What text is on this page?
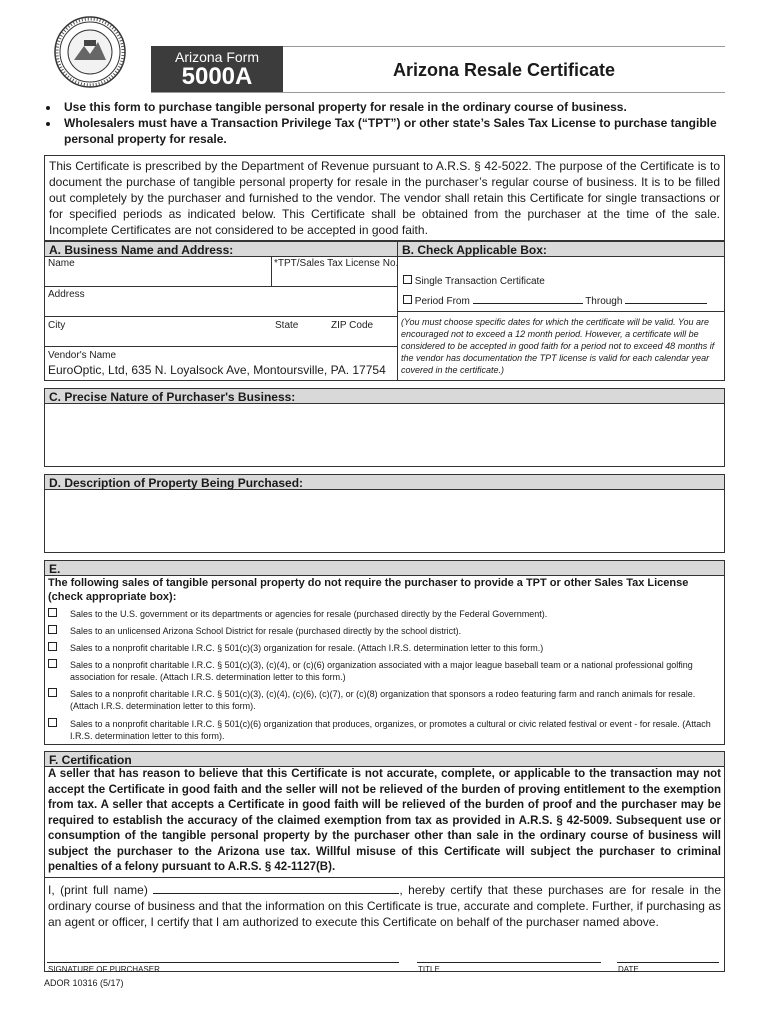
Arizona Form
5000A	Arizona Resale Certificate
• Use this form to purchase tangible personal property for resale in the ordinary course of business.
• Wholesalers must have a Transaction Privilege Tax (“TPT”) or other state’s Sales Tax License to purchase tangible personal property for resale.
This Certificate is prescribed by the Department of Revenue pursuant to A.R.S. § 42-5022. The purpose of the Certificate is to document the purchase of tangible personal property for resale in the purchaser’s regular course of business. It is to be filled out completely by the purchaser and furnished to the vendor. The vendor shall retain this Certificate for single transactions or for specified periods as indicated below. This Certificate shall be obtained from the purchaser at the time of the sale. Incomplete Certificates are not considered to be accepted in good faith.
A. Business Name and Address:	B. Check Applicable Box:
Name	*TPT/Sales Tax License No.
Address
City	State	ZIP Code
Vendor's Name
EuroOptic, Ltd, 635 N. Loyalsock Ave, Montoursville, PA. 17754
Single Transaction Certificate
Period From	Through
(You must choose specific dates for which the certificate will be valid. You are encouraged not to exceed a 12 month period. However, a certificate will be considered to be accepted in good faith for a period not to exceed 48 months if the vendor has documentation the TPT license is valid for each calendar year covered in the certificate.)
C. Precise Nature of Purchaser's Business:
D. Description of Property Being Purchased:
E.
The following sales of tangible personal property do not require the purchaser to provide a TPT or other Sales Tax License (check appropriate box):
Sales to the U.S. government or its departments or agencies for resale (purchased directly by the Federal Government).
Sales to an unlicensed Arizona School District for resale (purchased directly by the school district).
Sales to a nonprofit charitable I.R.C. § 501(c)(3) organization for resale. (Attach I.R.S. determination letter to this form.)
Sales to a nonprofit charitable I.R.C. § 501(c)(3), (c)(4), or (c)(6) organization associated with a major league baseball team or a national professional golfing association for resale. (Attach I.R.S. determination letter to this form.)
Sales to a nonprofit charitable I.R.C. § 501(c)(3), (c)(4), (c)(6), (c)(7), or (c)(8) organization that sponsors a rodeo featuring farm and ranch animals for resale. (Attach I.R.S. determination letter to this form).
Sales to a nonprofit charitable I.R.C. § 501(c)(6) organization that produces, organizes, or promotes a cultural or civic related festival or event - for resale. (Attach I.R.S. determination letter to this form).
F. Certification
A seller that has reason to believe that this Certificate is not accurate, complete, or applicable to the transaction may not accept the Certificate in good faith and the seller will not be relieved of the burden of proving entitlement to the exemption from tax. A seller that accepts a Certificate in good faith will be relieved of the burden of proof and the purchaser may be required to establish the accuracy of the claimed exemption from tax as provided in A.R.S. § 42-5009. Subsequent use or consumption of the tangible personal property by the purchaser other than sale in the ordinary course of business will subject the purchaser to the Arizona use tax. Willful misuse of this Certificate will subject the purchaser to criminal penalties of a felony pursuant to A.R.S. § 42-1127(B).
I, (print full name)	, hereby certify that these purchases are for resale in the ordinary course of business and that the information on this Certificate is true, accurate and complete. Further, if purchasing as an agent or officer, I certify that I am authorized to execute this Certificate on behalf of the purchaser named above.
SIGNATURE OF PURCHASER	TITLE	DATE
ADOR 10316 (5/17)
